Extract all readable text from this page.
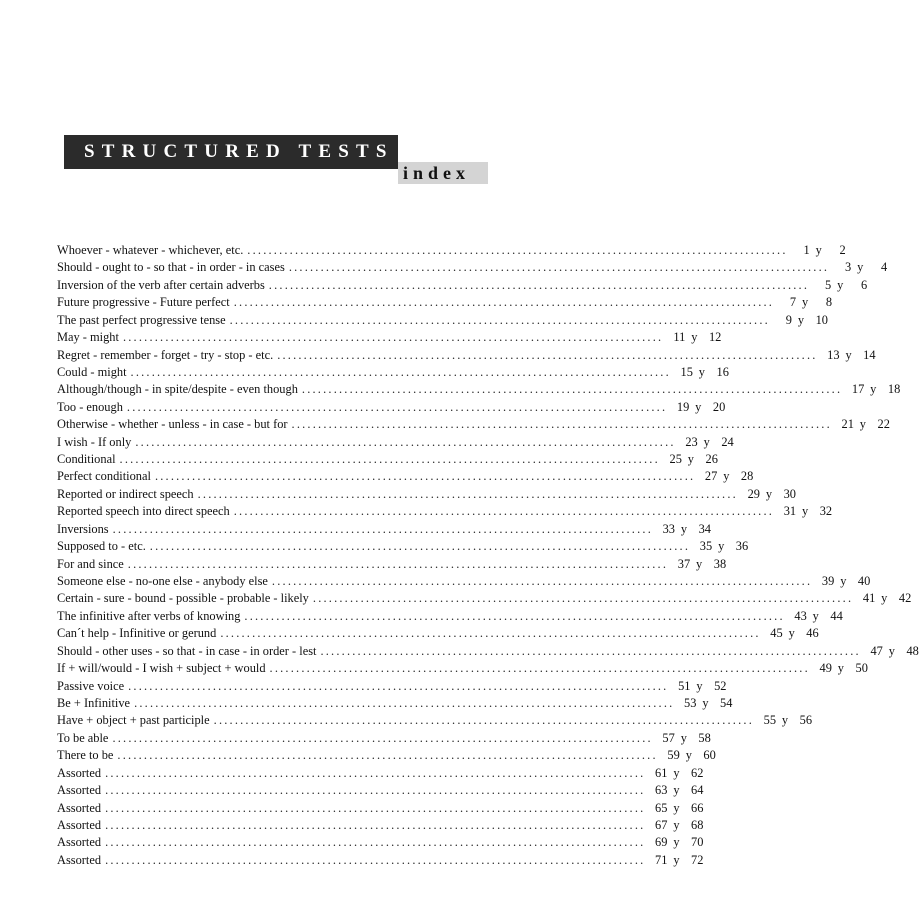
STRUCTURED TESTS
index
Whoever - whatever - whichever, etc. ......................................................................................................	1 y	2
Should - ought to - so that - in order - in cases ......................................................................................................	3 y	4
Inversion of the verb after certain adverbs ......................................................................................................	5 y	6
Future progressive - Future perfect ......................................................................................................	7 y	8
The past perfect progressive tense ......................................................................................................	9 y 10
May - might ...................................................................................................... 11 y 12
Regret - remember - forget - try - stop - etc. ...................................................................................................... 13 y 14
Could - might ...................................................................................................... 15 y 16
Although/though - in spite/despite - even though ...................................................................................................... 17 y 18
Too - enough ...................................................................................................... 19 y 20
Otherwise - whether - unless - in case - but for ...................................................................................................... 21 y 22
I wish - If only ...................................................................................................... 23 y 24
Conditional ...................................................................................................... 25 y 26
Perfect conditional ...................................................................................................... 27 y 28
Reported or indirect speech ...................................................................................................... 29 y 30
Reported speech into direct speech ...................................................................................................... 31 y 32
Inversions ...................................................................................................... 33 y 34
Supposed to - etc. ...................................................................................................... 35 y 36
For and since ...................................................................................................... 37 y 38
Someone else - no-one else - anybody else ...................................................................................................... 39 y 40
Certain - sure - bound - possible - probable - likely ...................................................................................................... 41 y 42
The infinitive after verbs of knowing ...................................................................................................... 43 y 44
Can´t help - Infinitive or gerund ...................................................................................................... 45 y 46
Should - other uses - so that - in case - in order - lest ...................................................................................................... 47 y 48
If + will/would - I wish + subject + would ...................................................................................................... 49 y 50
Passive voice ...................................................................................................... 51 y 52
Be + Infinitive ...................................................................................................... 53 y 54
Have + object + past participle ...................................................................................................... 55 y 56
To be able ...................................................................................................... 57 y 58
There to be ...................................................................................................... 59 y 60
Assorted ...................................................................................................... 61 y 62
Assorted ...................................................................................................... 63 y 64
Assorted ...................................................................................................... 65 y 66
Assorted ...................................................................................................... 67 y 68
Assorted ...................................................................................................... 69 y 70
Assorted ...................................................................................................... 71 y 72
